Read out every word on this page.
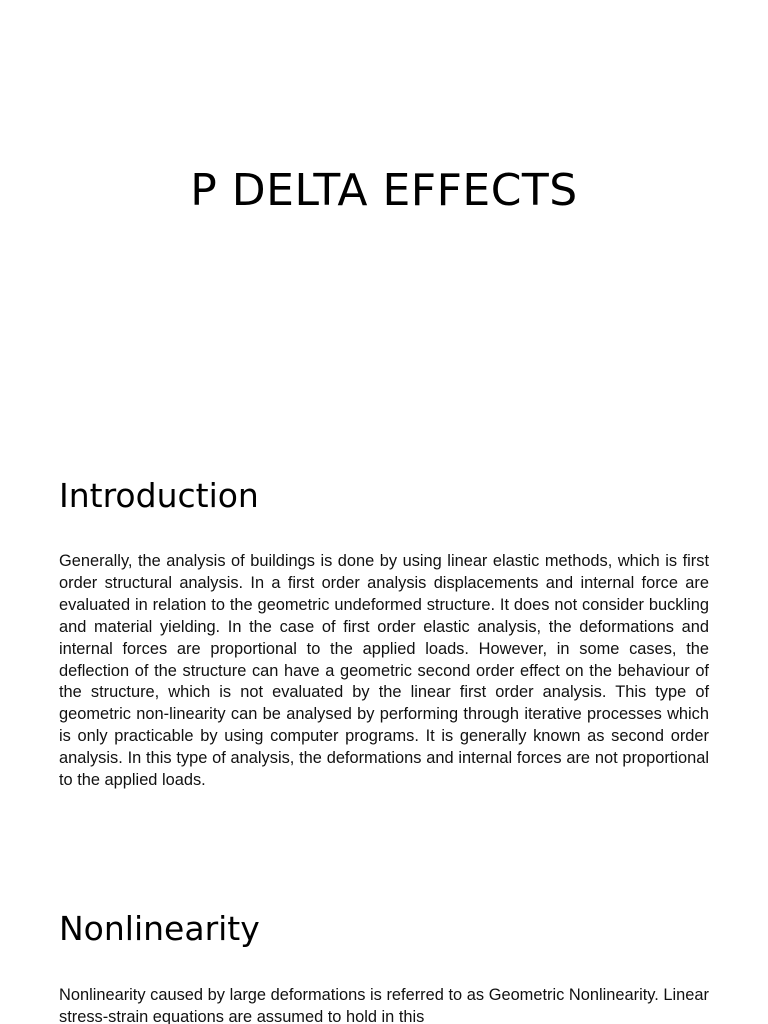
P DELTA EFFECTS
Introduction

Generally, the analysis of buildings is done by using linear elastic methods, which is first order structural analysis. In a first order analysis displacements and internal force are evaluated in relation to the geometric undeformed structure. It does not consider buckling and material yielding. In the case of first order elastic analysis, the deformations and internal forces are proportional to the applied loads. However, in some cases, the deflection of the structure can have a geometric second order effect on the behaviour of the structure, which is not evaluated by the linear first order analysis. This type of geometric non-linearity can be analysed by performing through iterative processes which is only practicable by using computer programs. It is generally known as second order analysis. In this type of analysis, the deformations and internal forces are not proportional to the applied loads.

Nonlinearity

Nonlinearity caused by large deformations is referred to as Geometric Nonlinearity. Linear stress-strain equations are assumed to hold in this
